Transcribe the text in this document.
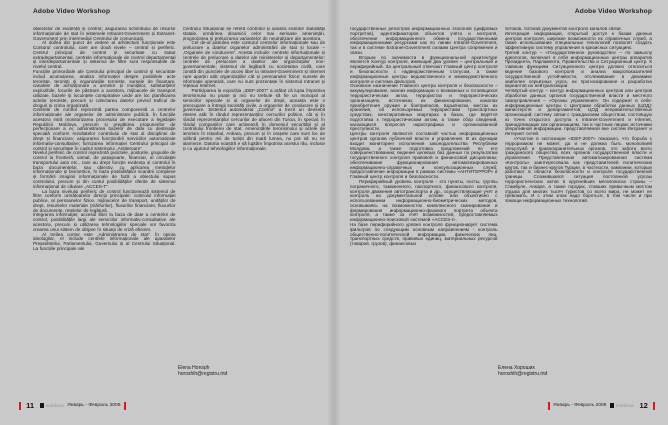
Adobe Video Workshop

obiectelor de evidență și control; asigurarea schimbului de resurse informaționale de stat în sistemele Intranet-Government și Extranet-Government prin intermediul Centrului de comunicații.

Al doilea din punct de vedere al arhitecturii funcționale este Conturul controlului, care are două nivele – central și periferic. Centrul principal de control și securitate cu statut extradepartamental, centrele informaționale de control departamental și interdepartamentale și sistemul de filtre sunt responsabile de nivelul central.

Funcțiile primordiale ale Centrului principal de control și securitate includ acumularea, analiza informației despre posibilele acte teroriste, teroriști și organizațiile teroriste, sursele de finanțare, canalele de achiziționare a armelor și munițiilor, substanțelor explozibile, locurile de păstrare a acestora, mijloacele de transport utilizate, bazele și locuințele conspirative unde are loc planificarea actelor teroriste, precum și colectarea datelor privind traficul de droguri și crima organizată.

Centrele de control reprezintă partea componentă a centrelor informaționale ale organelor de administrare publică. În funcțiile acestora intră monitorizarea procesului de executare a legislației Republicii Moldova, precum și pregătirea propunerilor de perfecționare a ei; administrarea bazelor de date cu destinație specială conform rezultatelor controlului de stat al disciplinei de drept și financiare; asigurarea funcționării serviciilor automatizate informativ-consultative; furnizarea informației Centrului principal de control și securitate în cadrul sistemului „Antiteroare”.

Nivelul periferic de control reprezintă punctele, posturile, grupurile de control la frontieră, vamal, de pașapoarte, financiar, al circulației transportului auto etc., care au drept funcție evidența și controlul în baza documentelor, sau obiectiv, cu aplicarea metodelor informaționale și biometrice, în baza posibilităților scanării complexe și formării imaginii informaționale de fază a obiectului supus controlului, precum și din contul posibilităților oferite de sistemul informațional de căutare „ACCES-T”.

La baza nivelului periferic de control funcționează sistemul de filtre conform următoarelor direcții principale: controlul informației publice, al persoanelor fizice, mijloacelor de transport, unităților de drept, resurselor materiale (mărfurilor), fluxurilor financiare, fluxurilor de documente, rețelelor de legătură.

Integrarea informației; accesul liber la baza de date a centrelor de control, posibilitățile largi ale serviciilor informativ-consultative ale acestora, precum și utilizarea tehnologiilor speciale vor favoriza crearea unui sistem de dirijare în situații de criză eficient.

Al treilea contur este „Administrarea de stat”. În opinia ideologilor, el include centrele informaționale ale aparatelor Președintelui, Parlamentului, Guvernului și al Centrului Situațional. La funcțiile principale ale

Centrului Situațional se referă controlul și analiza indicilor stabilității statale, urmărirea dinamicii celor mai serioase amenințări, prognozarea și prelucrarea variantelor de neutralizare ale acestora.

Cel de-al patrulea este conturul centrelor informaționale sau de prelucrare a datelor organelor administrării de stat și locale – „Organele de conducere”. Acesta include: centrele informaționale și centrele de prelucrare a datelor ale ministerelor și departamentelor; centrele de prelucrare a datelor ale organizațiilor non-guvernamentale; sistemul de legătură cu societatea civilă, care constă din punctele de acces liber la Intranet-Government și Internet care aparțin atât organizațiilor cât și persoanelor fizice; sursele de informație operativă, care nu sunt prezentate în sistemul Intranet și rețeaua Internet.

Participarea la expoziția „IDEF-2007” a arătat că lupta împotriva terorismului nu poate și nici nu trebuie să fie un monopol al serviciilor speciale și al organelor de drept, aceasta este o preocupare a întregii societăți civile, a organelor de conducere și de guvernare. Sistemul automatizat „Control” a trezit un deosebit interes atât în rândul reprezentanților cercurilor politice, cât și în rândul reprezentanților cercurilor de afaceri din Turcia, în special, în rândul companiilor care activează în domeniul securității și al controlului frontierei de stat. Amenințările terorismului și actele de terorism în Istanbul, Ankara, precum și în orașele care sunt loc de odihnă pentru mii de turiști din toată lumea, nu pot să nu ne alarmeze. Datoria noastră e să luptăm împotriva acestui rău, inclusiv și cu ajutorul tehnologiilor informaționale.

Elena Horoșih
horoshih@registru.md
11	moldova Январь - Февраль 2009
Adobe Video Workshop

государственных регистров информационных эталонов (цифровых портретов), идентификаторов объектов учёта и контроля, обеспечение информационного обмена государственными информационными ресурсами как по линии Intranet-Government, так и в системе Extranet-Government силами Центра сопряжения и связи.

Вторым по значимости в функциональной архитектуре является Контур контроля, имеющий два уровня – центральный и периферийный. За центральный отвечают Главный центр контроля и безопасности с надведомственным статусом, а также информационные центры ведомственного и межведомственного контроля и система фильтров.

Основное назначение Главного центра контроля и безопасности – аккумулирование, анализ информации о возможных и готовящихся террористических актах, террористах и террористических организациях, источниках их финансирования, каналах приобретения оружия и боеприпасов, взрывчатки, местах их хранения, об используемых террористами транспортных средствах, конспиративных квартирах и базах, где ведётся подготовка к террористическим актам, а также сбор сведений, касающихся вопросов наркотрафика и организованной преступности.

Центры контроля являются составной частью информационных центров органов публичной власти и управления. В их функции входит мониторинг исполнения законодательства Республики Молдова, а также подготовка предложений по его совершенствованию; ведение целевых баз данных по результатам государственного контроля правовой и финансовой дисциплины; обеспечивание функционирования автоматизированных информационно-справочных и консультационных служб; предоставление информации в рамках системы «АНТИТЕРРОР» в Главный центр контроля и безопасности.

Периферийный уровень контроля - это пункты, посты, группы пограничного, таможенного, паспортного, финансового контроля, контроля движения автотранспорта и др., осуществляющие учёт и контроль на документальной основе или объективно с использованием информационно-биометрических методов, основываясь на возможностях комплексного сканирования и формирования информационно-фазового портрета объекта контроля, а также за счёт возможностей, предоставляемых информационно-поисковой системой «ACCES-I».

На базе периферийного уровня контроля функционирует система фильтров по следующим основным направлениям - контроль общественно-политической информации, физических лиц, транспортных средств, правовых единиц, материальных ресурсов (товаров, грузов), финансовых

потоков, потоков документов контроля каналов связи.

Интеграция информации, открытый доступ к базам данных центров контроля, широкие возможности их справочных служб, а также использование специальных технологий позволят создать эффективную систему управления в кризисных ситуациях.

Третий контур – «Государственное руководство» – по замыслу идеологов, включает в себя информационные центры аппаратов Президента, Парламента, Правительства и Ситуационный центр. К главным функциям Ситуационного центра должно относиться ведение базового контроля и анализ макропоказателей государственной устойчивости, отслеживание в динамике наиболее серьёзных угроз, их прогнозирование и разработка вариантов их нейтрализации.

Четвёртый контур – контур информационных центров или центров обработки данных органов государственной власти и местного самоуправления – «Органы управления». Он содержит в себе: информационные центры с Центрами обработки данных (ЦОД): министерств и департаментов; ЦОД неправительственных организаций; систему связи с гражданским обществом, состоящую из точек открытого доступа к Intranet-Government и Internet, принадлежащих как организациям, так и частным лицам; источники оперативной информации, представляемой вне систем Интранет и Интернет сетей.

«Участие в экспозиции «IDEF-2007» показало, что борьба с терроризмом не может, да и не должна быть монополией спецслужб и правоохранительных органов, это забота всего гражданского общества, всех органов государственной власти и управления. Представленная автоматизированная система «Контроль» заинтересовала как представителей политических кругов, так и бизнес-кругов Турции, в частности, кампании, которые работают в области безопасности и контроля государственной границы. Сложившаяся ситуация постоянной угрозы террористических актов в крупнейших мегаполисах страны – Стамбуле, Анкаре, а также городах, ставших привычным местом отдыха для многих тысяч туристов со всего мира, не может не тревожить. И с этим злом надо бороться, в том числе и при помощи информационных технологий.

Елена Хороших
horoshih@registru.md
Январь - Февраль 2009 moldova 12
